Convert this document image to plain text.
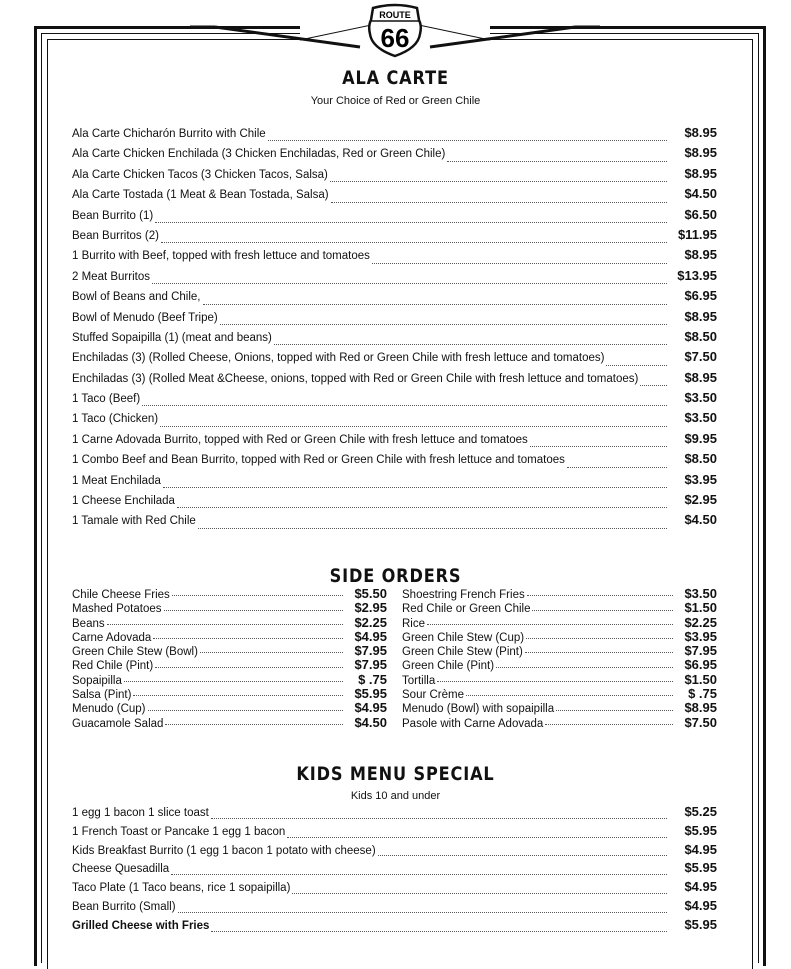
ROUTE
66
ALA CARTE
Your Choice of Red or Green Chile
Ala Carte Chicharón Burrito with Chile	$8.95
Ala Carte Chicken Enchilada (3 Chicken Enchiladas, Red or Green Chile)	$8.95
Ala Carte Chicken Tacos (3 Chicken Tacos, Salsa)	$8.95
Ala Carte Tostada (1 Meat & Bean Tostada, Salsa)	$4.50
Bean Burrito (1)	$6.50
Bean Burritos (2)	$11.95
1 Burrito with Beef, topped with fresh lettuce and tomatoes	$8.95
2 Meat Burritos	$13.95
Bowl of Beans and Chile,	$6.95
Bowl of Menudo (Beef Tripe)	$8.95
Stuffed Sopaipilla (1) (meat and beans)	$8.50
Enchiladas (3) (Rolled Cheese, Onions, topped with Red or Green Chile with fresh lettuce and tomatoes)	$7.50
Enchiladas (3) (Rolled Meat &Cheese, onions, topped with Red or Green Chile with fresh lettuce and tomatoes)	$8.95
1 Taco (Beef)	$3.50
1 Taco (Chicken)	$3.50
1 Carne Adovada Burrito, topped with Red or Green Chile with fresh lettuce and tomatoes	$9.95
1 Combo Beef and Bean Burrito, topped with Red or Green Chile with fresh lettuce and tomatoes	$8.50
1 Meat Enchilada	$3.95
1 Cheese Enchilada	$2.95
1 Tamale with Red Chile	$4.50
SIDE ORDERS
Chile Cheese Fries	$5.50
Mashed Potatoes	$2.95
Beans	$2.25
Carne Adovada	$4.95
Green Chile Stew (Bowl)	$7.95
Red Chile (Pint)	$7.95
Sopaipilla	$ .75
Salsa (Pint)	$5.95
Menudo (Cup)	$4.95
Guacamole Salad	$4.50
Shoestring French Fries	$3.50
Red Chile or Green Chile	$1.50
Rice	$2.25
Green Chile Stew (Cup)	$3.95
Green Chile Stew (Pint)	$7.95
Green Chile (Pint)	$6.95
Tortilla	$1.50
Sour Crème	$ .75
Menudo (Bowl) with sopaipilla	$8.95
Pasole with Carne Adovada	$7.50
KIDS MENU SPECIAL
Kids 10 and under
1 egg 1 bacon 1 slice toast	$5.25
1 French Toast or Pancake 1 egg 1 bacon	$5.95
Kids Breakfast Burrito (1 egg 1 bacon 1 potato with cheese)	$4.95
Cheese Quesadilla	$5.95
Taco Plate (1 Taco beans, rice 1 sopaipilla)	$4.95
Bean Burrito (Small)	$4.95
Grilled Cheese with Fries	$5.95
